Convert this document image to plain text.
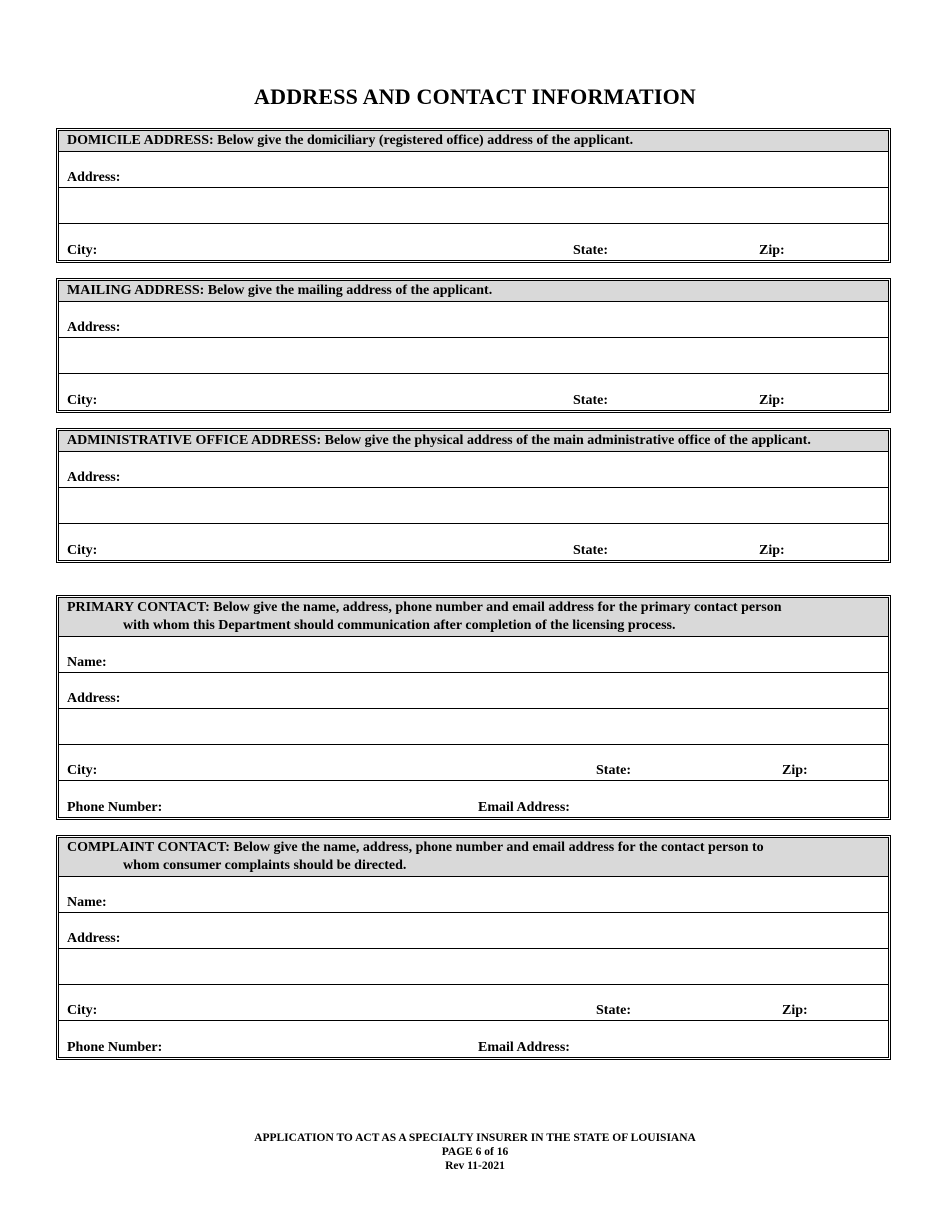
ADDRESS AND CONTACT INFORMATION
DOMICILE ADDRESS: Below give the domiciliary (registered office) address of the applicant.
Address:
City:	State:	Zip:
MAILING ADDRESS: Below give the mailing address of the applicant.
Address:
City:	State:	Zip:
ADMINISTRATIVE OFFICE ADDRESS: Below give the physical address of the main administrative office of the applicant.
Address:
City:	State:	Zip:
PRIMARY CONTACT: Below give the name, address, phone number and email address for the primary contact person
with whom this Department should communication after completion of the licensing process.
Name:
Address:
City:	State:	Zip:
Phone Number:	Email Address:
COMPLAINT CONTACT: Below give the name, address, phone number and email address for the contact person to
whom consumer complaints should be directed.
Name:
Address:
City:	State:	Zip:
Phone Number:	Email Address:
APPLICATION TO ACT AS A SPECIALTY INSURER IN THE STATE OF LOUISIANA
PAGE 6 of 16
Rev 11-2021
